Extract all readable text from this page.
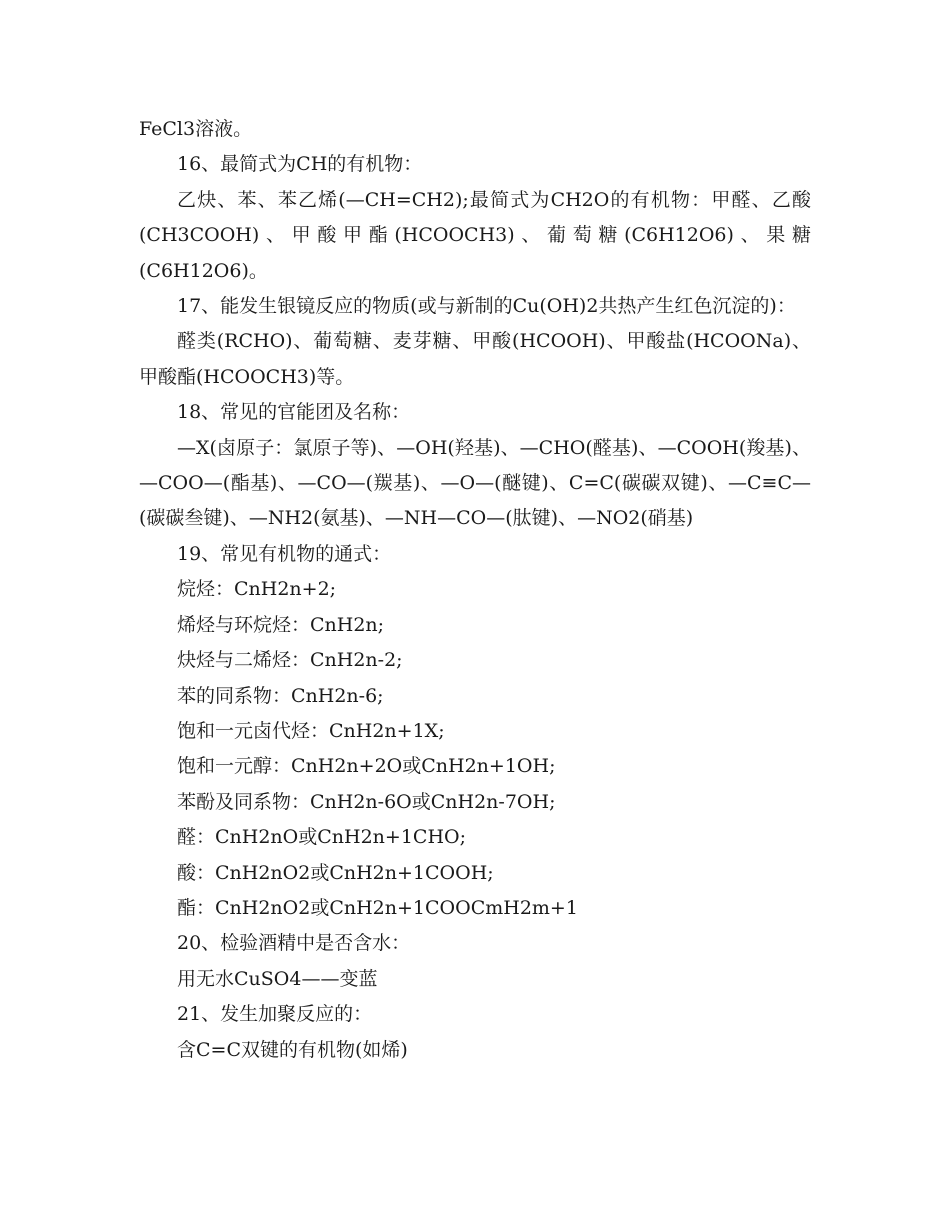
FeCl3溶液。

16、最简式为CH的有机物：

乙炔、苯、苯乙烯(—CH=CH2);最简式为CH2O的有机物：甲醛、乙酸(CH3COOH)、甲酸甲酯(HCOOCH3)、葡萄糖(C6H12O6)、果糖(C6H12O6)。

17、能发生银镜反应的物质(或与新制的Cu(OH)2共热产生红色沉淀的)：

醛类(RCHO)、葡萄糖、麦芽糖、甲酸(HCOOH)、甲酸盐(HCOONa)、甲酸酯(HCOOCH3)等。

18、常见的官能团及名称：

—X(卤原子：氯原子等)、—OH(羟基)、—CHO(醛基)、—COOH(羧基)、—COO—(酯基)、—CO—(羰基)、—O—(醚键)、C=C(碳碳双键)、—C≡C—(碳碳叁键)、—NH2(氨基)、—NH—CO—(肽键)、—NO2(硝基)

19、常见有机物的通式：

烷烃：CnH2n+2;

烯烃与环烷烃：CnH2n;

炔烃与二烯烃：CnH2n-2;

苯的同系物：CnH2n-6;

饱和一元卤代烃：CnH2n+1X;

饱和一元醇：CnH2n+2O或CnH2n+1OH;

苯酚及同系物：CnH2n-6O或CnH2n-7OH;

醛：CnH2nO或CnH2n+1CHO;

酸：CnH2nO2或CnH2n+1COOH;

酯：CnH2nO2或CnH2n+1COOCmH2m+1

20、检验酒精中是否含水：

用无水CuSO4——变蓝

21、发生加聚反应的：

含C=C双键的有机物(如烯)
